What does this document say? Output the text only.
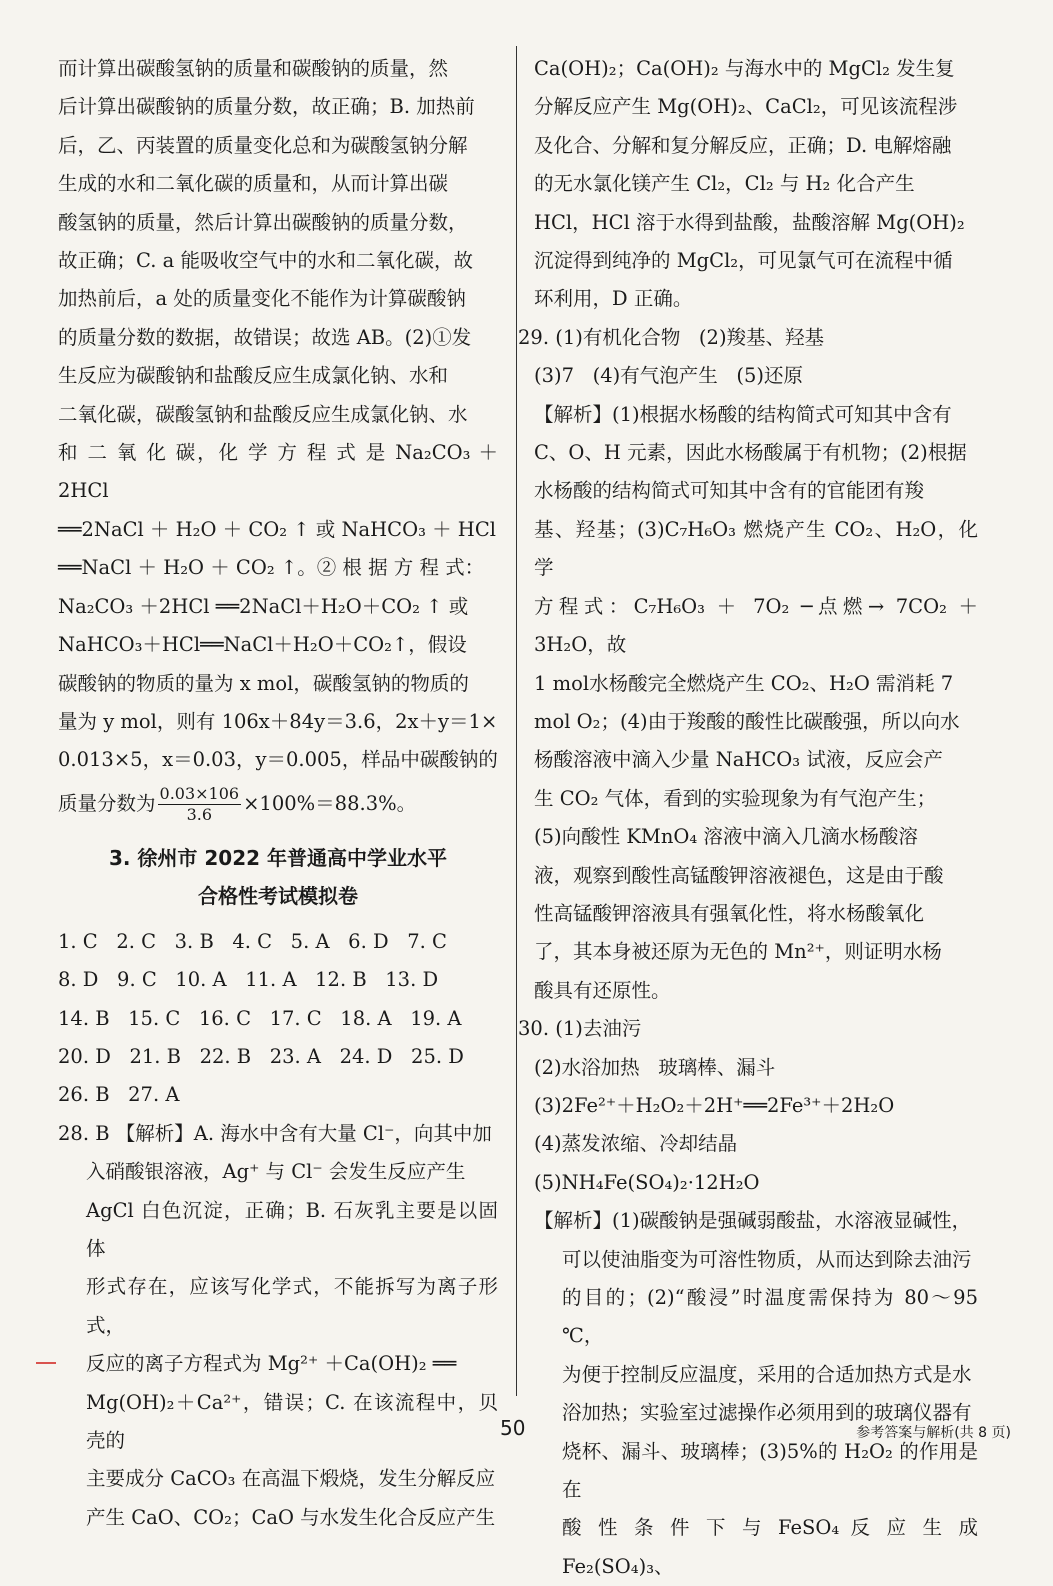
而计算出碳酸氢钠的质量和碳酸钠的质量，然

后计算出碳酸钠的质量分数，故正确；B. 加热前

后，乙、丙装置的质量变化总和为碳酸氢钠分解

生成的水和二氧化碳的质量和，从而计算出碳

酸氢钠的质量，然后计算出碳酸钠的质量分数，

故正确；C. a 能吸收空气中的水和二氧化碳，故

加热前后，a 处的质量变化不能作为计算碳酸钠

的质量分数的数据，故错误；故选 AB。(2)①发

生反应为碳酸钠和盐酸反应生成氯化钠、水和

二氧化碳，碳酸氢钠和盐酸反应生成氯化钠、水

和 二 氧 化 碳，化 学 方 程 式 是 Na₂CO₃ ＋ 2HCl

══2NaCl ＋ H₂O ＋ CO₂ ↑ 或 NaHCO₃ ＋ HCl

══NaCl ＋ H₂O ＋ CO₂ ↑。② 根 据 方 程 式：

Na₂CO₃ ＋2HCl ══2NaCl＋H₂O＋CO₂ ↑ 或

NaHCO₃＋HCl══NaCl＋H₂O＋CO₂↑，假设

碳酸钠的物质的量为 x mol，碳酸氢钠的物质的

量为 y mol，则有 106x＋84y＝3.6，2x＋y＝1×

0.013×5，x＝0.03，y＝0.005，样品中碳酸钠的

质量分数为 $\frac{0.03\times 106}{3.6} \times 100\%=88.3\%$。

3. 徐州市 2022 年普通高中学业水平
合格性考试模拟卷

1. C   2. C   3. B   4. C   5. A   6. D   7. C

8. D   9. C   10. A   11. A   12. B   13. D

14. B   15. C   16. C   17. C   18. A   19. A

20. D   21. B   22. B   23. A   24. D   25. D

26. B   27. A

28. B 【解析】A. 海水中含有大量 Cl⁻，向其中加

入硝酸银溶液，Ag⁺ 与 Cl⁻ 会发生反应产生

AgCl 白色沉淀，正确；B. 石灰乳主要是以固体

形式存在，应该写化学式，不能拆写为离子形式，

反应的离子方程式为 Mg²⁺ ＋Ca(OH)₂ ══

Mg(OH)₂＋Ca²⁺，错误；C. 在该流程中，贝壳的

主要成分 CaCO₃ 在高温下煅烧，发生分解反应

产生 CaO、CO₂；CaO 与水发生化合反应产生

Ca(OH)₂；Ca(OH)₂ 与海水中的 MgCl₂ 发生复

分解反应产生 Mg(OH)₂、CaCl₂，可见该流程涉

及化合、分解和复分解反应，正确；D. 电解熔融

的无水氯化镁产生 Cl₂，Cl₂ 与 H₂ 化合产生

HCl，HCl 溶于水得到盐酸，盐酸溶解 Mg(OH)₂

沉淀得到纯净的 MgCl₂，可见氯气可在流程中循

环利用，D 正确。

29. (1)有机化合物   (2)羧基、羟基

(3)7   (4)有气泡产生   (5)还原

【解析】(1)根据水杨酸的结构简式可知其中含有

C、O、H 元素，因此水杨酸属于有机物；(2)根据

水杨酸的结构简式可知其中含有的官能团有羧

基、羟基；(3)C₇H₆O₃ 燃烧产生 CO₂、H₂O，化学

方程式：C₇H₆O₃ ＋ 7O₂ ─点燃→ 7CO₂ ＋ 3H₂O，故

1 mol水杨酸完全燃烧产生 CO₂、H₂O 需消耗 7

mol O₂；(4)由于羧酸的酸性比碳酸强，所以向水

杨酸溶液中滴入少量 NaHCO₃ 试液，反应会产

生 CO₂ 气体，看到的实验现象为有气泡产生；

(5)向酸性 KMnO₄ 溶液中滴入几滴水杨酸溶

液，观察到酸性高锰酸钾溶液褪色，这是由于酸

性高锰酸钾溶液具有强氧化性，将水杨酸氧化

了，其本身被还原为无色的 Mn²⁺，则证明水杨

酸具有还原性。

30. (1)去油污

(2)水浴加热   玻璃棒、漏斗

(3)2Fe²⁺＋H₂O₂＋2H⁺══2Fe³⁺＋2H₂O

(4)蒸发浓缩、冷却结晶

(5)NH₄Fe(SO₄)₂·12H₂O

【解析】(1)碳酸钠是强碱弱酸盐，水溶液显碱性，

可以使油脂变为可溶性物质，从而达到除去油污

的目的；(2)“酸浸”时温度需保持为 80～95 ℃，

为便于控制反应温度，采用的合适加热方式是水

浴加热；实验室过滤操作必须用到的玻璃仪器有

烧杯、漏斗、玻璃棒；(3)5%的 H₂O₂ 的作用是在

酸 性 条 件 下 与 FeSO₄ 反 应 生 成 Fe₂(SO₄)₃、

50	参考答案与解析(共 8 页)
